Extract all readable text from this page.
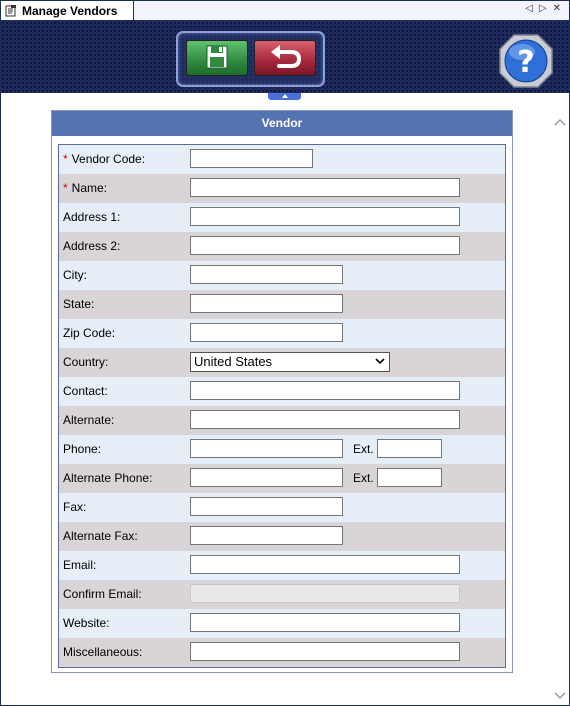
Manage Vendors	◁ ▷ ✕
?
Vendor
* Vendor Code:
* Name:
Address 1:
Address 2:
City:
State:
Zip Code:
Country:	United States
Contact:
Alternate:
Phone:	Ext.
Alternate Phone:	Ext.
Fax:
Alternate Fax:
Email:
Confirm Email:
Website:
Miscellaneous:
